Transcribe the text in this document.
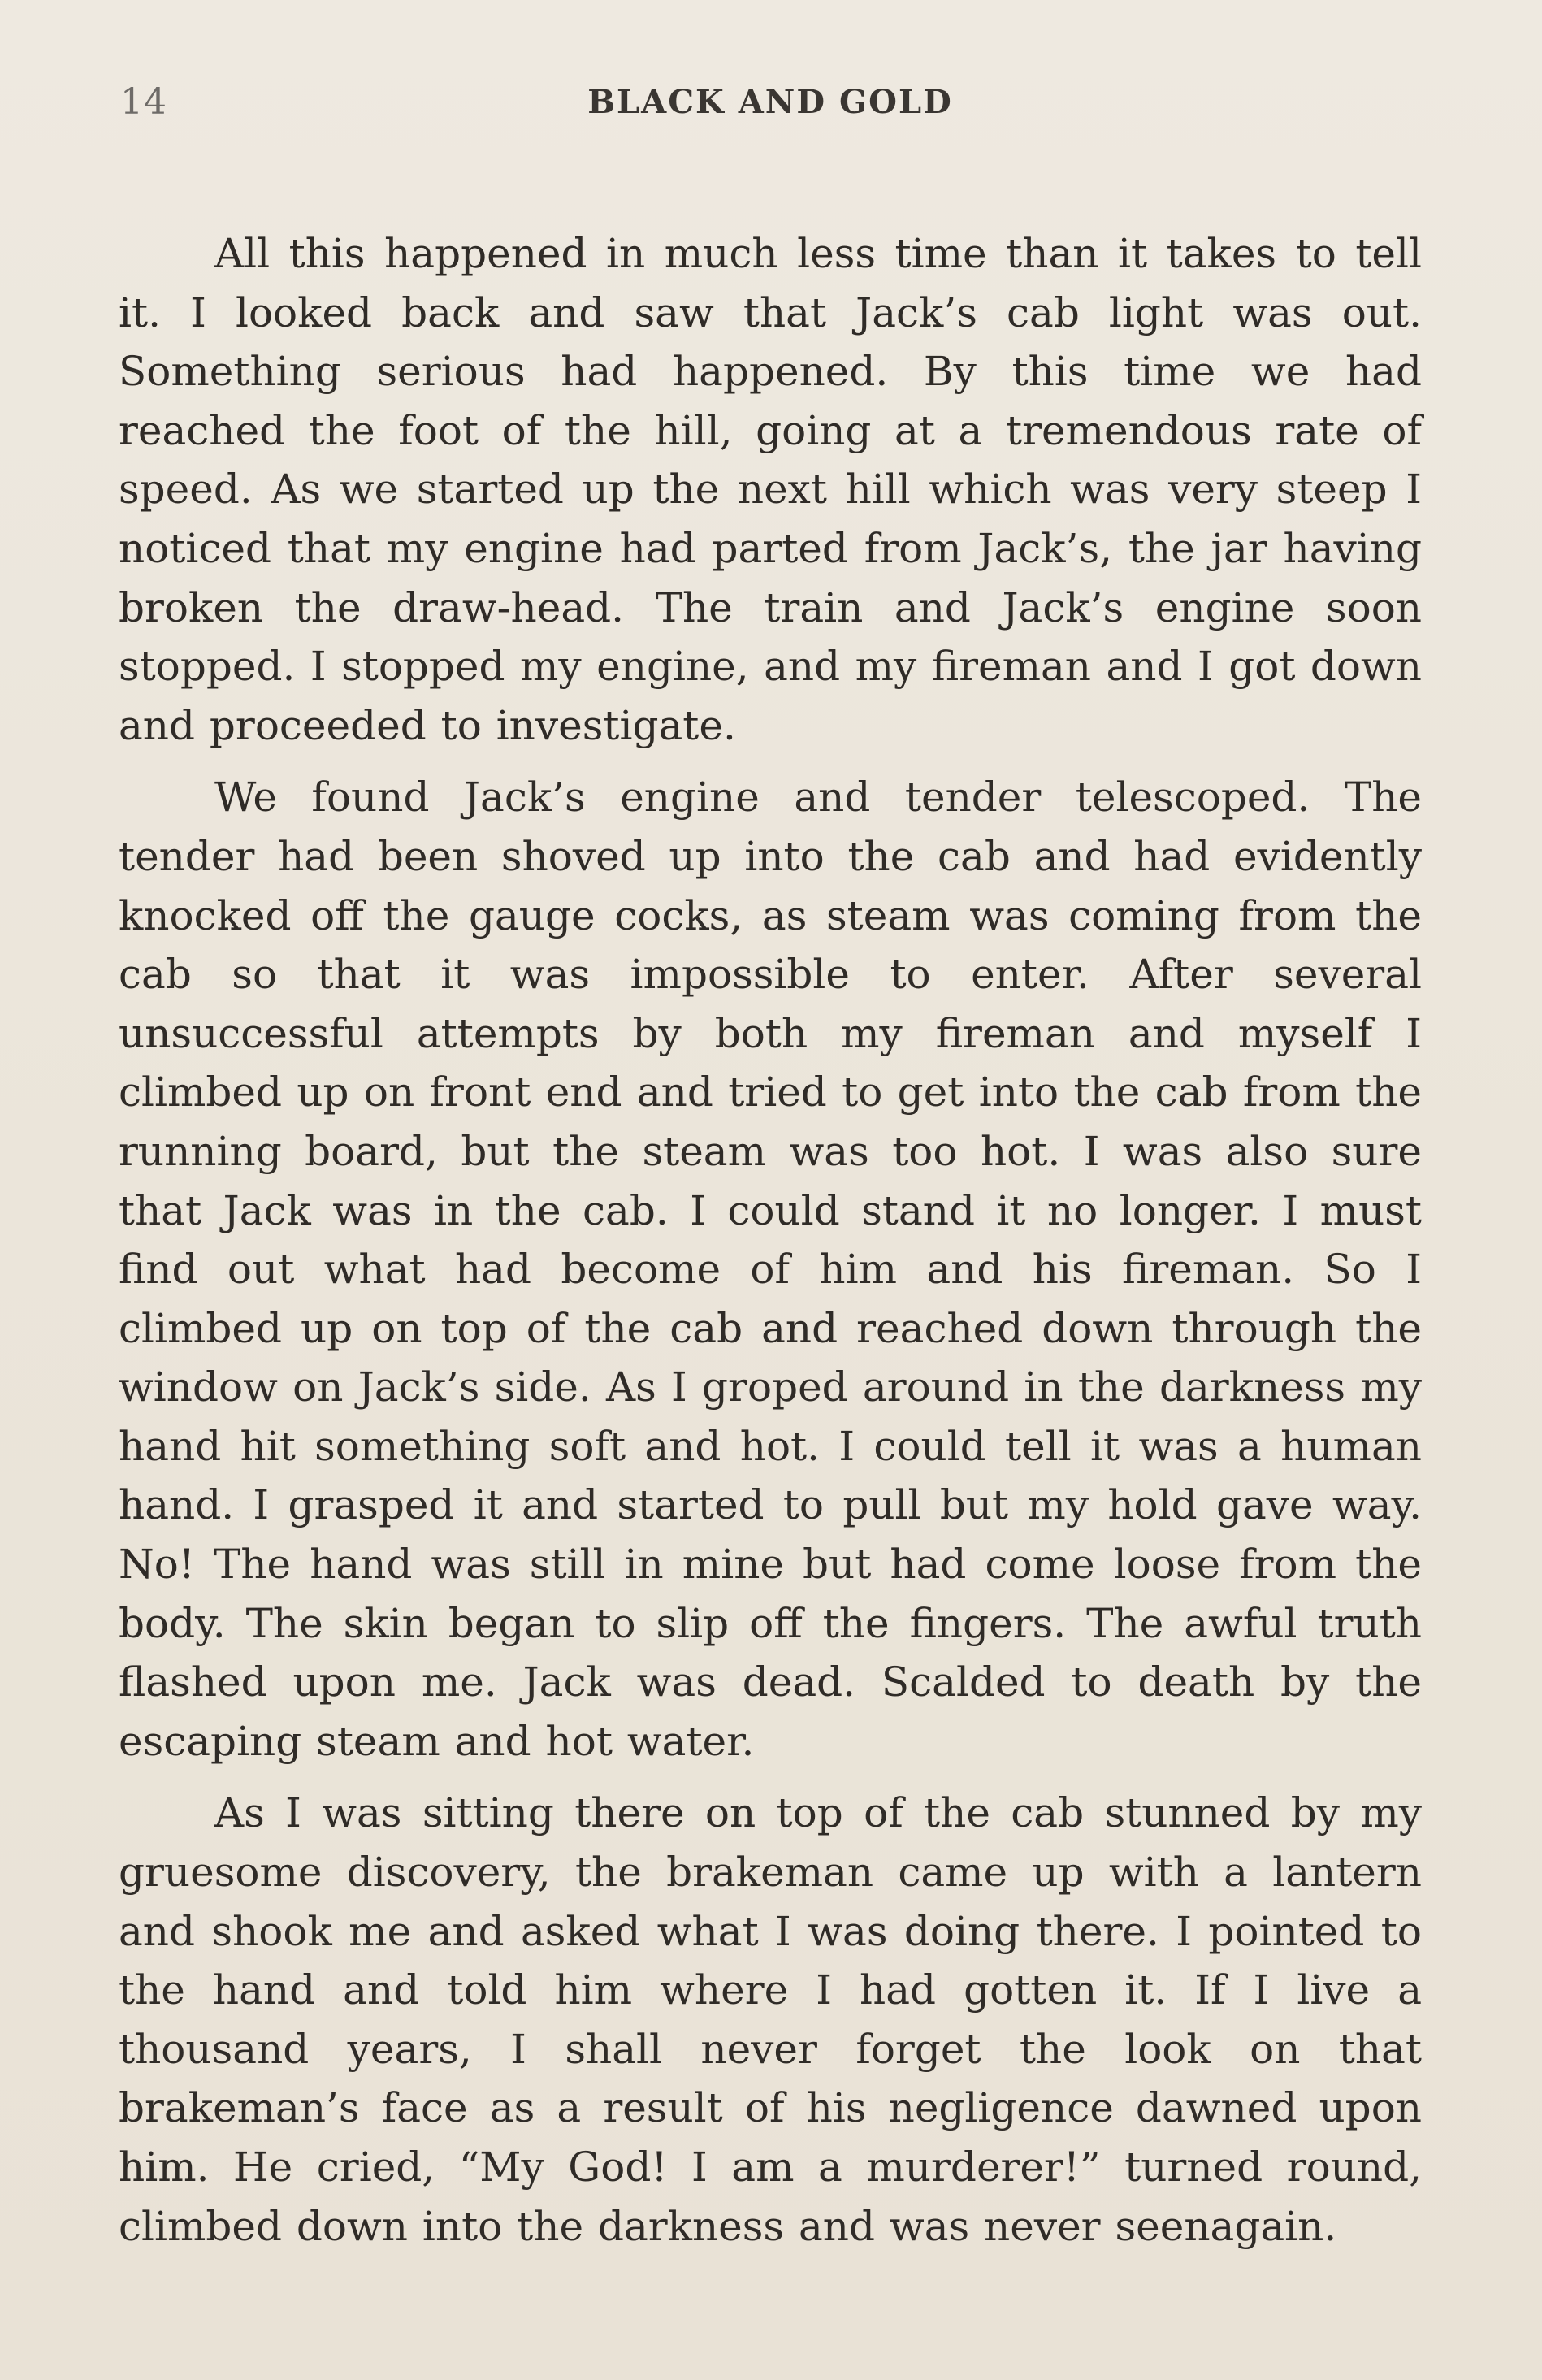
14	BLACK AND GOLD

All this happened in much less time than it takes to tell it. I looked back and saw that Jack’s cab light was out. Something serious had happened. By this time we had reached the foot of the hill, going at a tremendous rate of speed. As we started up the next hill which was very steep I noticed that my engine had parted from Jack’s, the jar having broken the draw-head. The train and Jack’s engine soon stopped. I stopped my engine, and my fireman and I got down and proceeded to investigate.

We found Jack’s engine and tender telescoped. The tender had been shoved up into the cab and had evidently knocked off the gauge cocks, as steam was coming from the cab so that it was impossible to enter. After several unsuccessful attempts by both my fireman and myself I climbed up on front end and tried to get into the cab from the running board, but the steam was too hot. I was also sure that Jack was in the cab. I could stand it no longer. I must find out what had become of him and his fireman. So I climbed up on top of the cab and reached down through the window on Jack’s side. As I groped around in the darkness my hand hit something soft and hot. I could tell it was a human hand. I grasped it and started to pull but my hold gave way. No! The hand was still in mine but had come loose from the body. The skin began to slip off the fingers. The awful truth flashed upon me. Jack was dead. Scalded to death by the escaping steam and hot water.

As I was sitting there on top of the cab stunned by my gruesome discovery, the brakeman came up with a lantern and shook me and asked what I was doing there. I pointed to the hand and told him where I had gotten it. If I live a thousand years, I shall never forget the look on that brakeman’s face as a result of his negligence dawned upon him. He cried, “My God! I am a murderer!” turned round, climbed down into the darkness and was never seenagain.
